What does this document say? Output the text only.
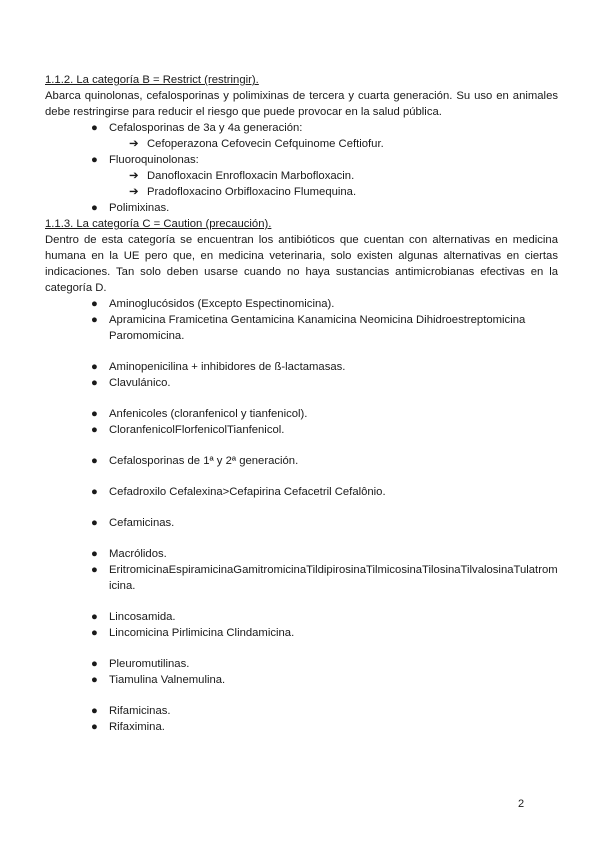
1.1.2. La categoría B = Restrict (restringir).
Abarca quinolonas, cefalosporinas y polimixinas de tercera y cuarta generación. Su uso en animales debe restringirse para reducir el riesgo que puede provocar en la salud pública.
● Cefalosporinas de 3a y 4a generación:
➔ Cefoperazona Cefovecin Cefquinome Ceftiofur.
● Fluoroquinolonas:
➔ Danofloxacin Enrofloxacin Marbofloxacin.
➔ Pradofloxacino Orbifloxacino Flumequina.
● Polimixinas.
1.1.3. La categoría C = Caution (precaución).
Dentro de esta categoría se encuentran los antibióticos que cuentan con alternativas en medicina humana en la UE pero que, en medicina veterinaria, solo existen algunas alternativas en ciertas indicaciones. Tan solo deben usarse cuando no haya sustancias antimicrobianas efectivas en la categoría D.
● Aminoglucósidos (Excepto Espectinomicina).
● Apramicina Framicetina Gentamicina Kanamicina Neomicina Dihidroestreptomicina Paromomicina.
● Aminopenicilina + inhibidores de ß-lactamasas.
● Clavulánico.
● Anfenicoles (cloranfenicol y tianfenicol).
● CloranfenicolFlorfenicolTianfenicol.
● Cefalosporinas de 1ª y 2ª generación.
● Cefadroxilo Cefalexina>Cefapirina Cefacetril Cefalônio.
● Cefamicinas.
● Macrólidos.
● EritromicinaEspiramicinaGamitromicinaTildipirosinaTilmicosinaTilosinaTilvalosinaTulatromicina.
● Lincosamida.
● Lincomicina Pirlimicina Clindamicina.
● Pleuromutilinas.
● Tiamulina Valnemulina.
● Rifamicinas.
● Rifaximina.
2
